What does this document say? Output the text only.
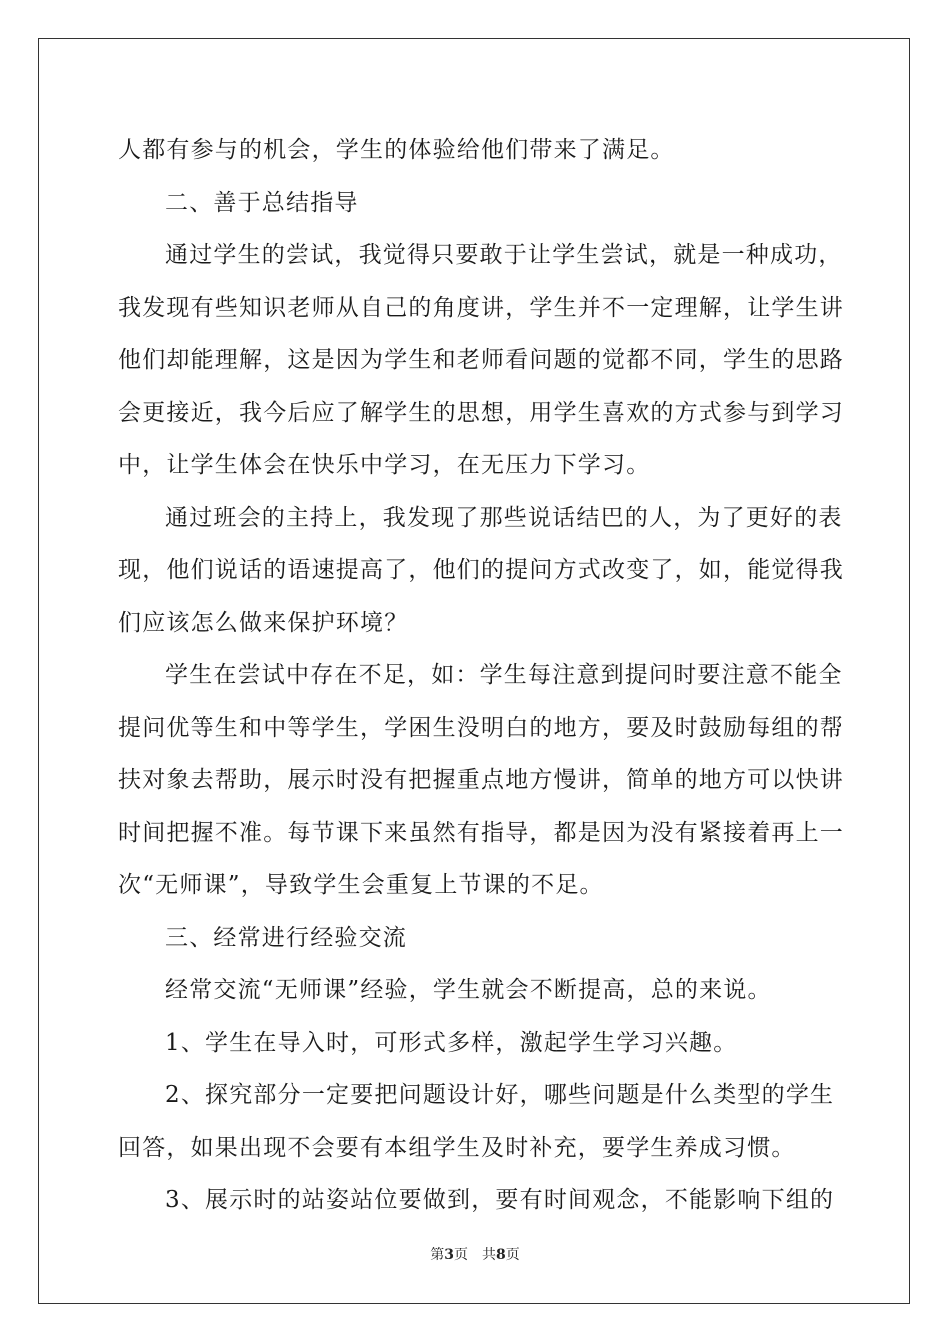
人都有参与的机会，学生的体验给他们带来了满足。
二、善于总结指导
通过学生的尝试，我觉得只要敢于让学生尝试，就是一种成功，
我发现有些知识老师从自己的角度讲，学生并不一定理解，让学生讲
他们却能理解，这是因为学生和老师看问题的觉都不同，学生的思路
会更接近，我今后应了解学生的思想，用学生喜欢的方式参与到学习
中，让学生体会在快乐中学习，在无压力下学习。
通过班会的主持上，我发现了那些说话结巴的人，为了更好的表
现，他们说话的语速提高了，他们的提问方式改变了，如，能觉得我
们应该怎么做来保护环境？
学生在尝试中存在不足，如：学生每注意到提问时要注意不能全
提问优等生和中等学生，学困生没明白的地方，要及时鼓励每组的帮
扶对象去帮助，展示时没有把握重点地方慢讲，简单的地方可以快讲
时间把握不准。每节课下来虽然有指导，都是因为没有紧接着再上一
次“无师课”，导致学生会重复上节课的不足。
三、经常进行经验交流
经常交流“无师课”经验，学生就会不断提高，总的来说。
1、学生在导入时，可形式多样，激起学生学习兴趣。
2、探究部分一定要把问题设计好，哪些问题是什么类型的学生
回答，如果出现不会要有本组学生及时补充，要学生养成习惯。
3、展示时的站姿站位要做到，要有时间观念，不能影响下组的
第3页 共8页
